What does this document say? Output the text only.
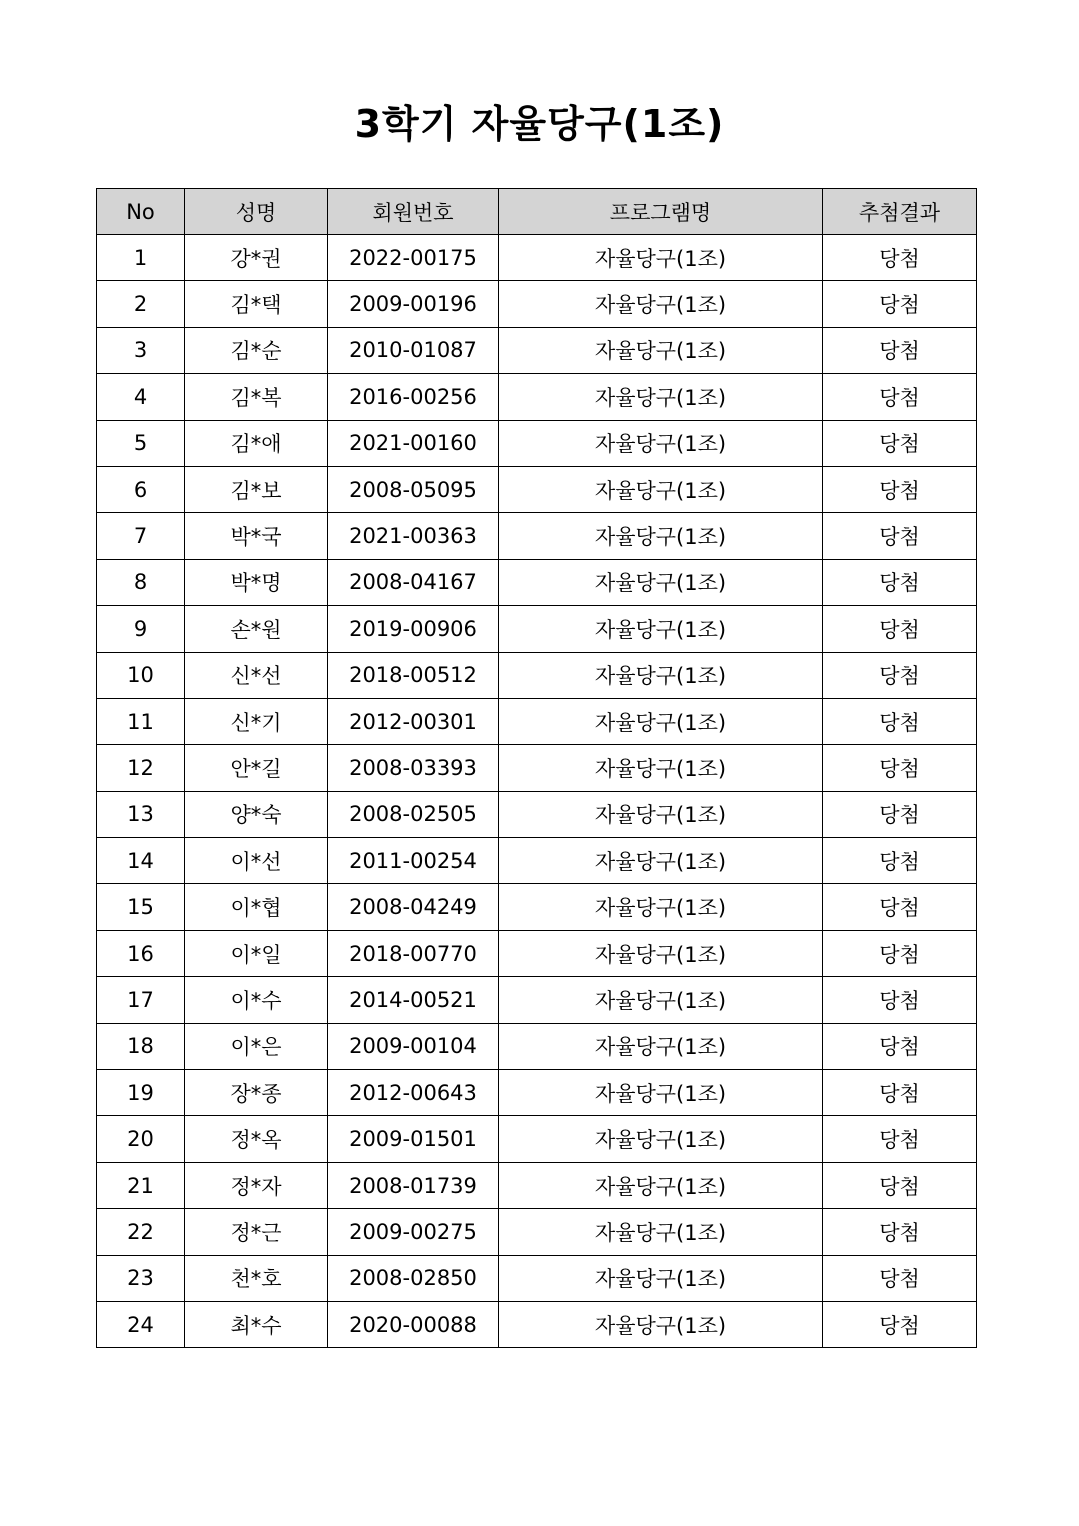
3학기 자율당구(1조)
No	성명	회원번호	프로그램명	추첨결과
1	강*권	2022-00175	자율당구(1조)	당첨
2	김*택	2009-00196	자율당구(1조)	당첨
3	김*순	2010-01087	자율당구(1조)	당첨
4	김*복	2016-00256	자율당구(1조)	당첨
5	김*애	2021-00160	자율당구(1조)	당첨
6	김*보	2008-05095	자율당구(1조)	당첨
7	박*국	2021-00363	자율당구(1조)	당첨
8	박*명	2008-04167	자율당구(1조)	당첨
9	손*원	2019-00906	자율당구(1조)	당첨
10	신*선	2018-00512	자율당구(1조)	당첨
11	신*기	2012-00301	자율당구(1조)	당첨
12	안*길	2008-03393	자율당구(1조)	당첨
13	양*숙	2008-02505	자율당구(1조)	당첨
14	이*선	2011-00254	자율당구(1조)	당첨
15	이*협	2008-04249	자율당구(1조)	당첨
16	이*일	2018-00770	자율당구(1조)	당첨
17	이*수	2014-00521	자율당구(1조)	당첨
18	이*은	2009-00104	자율당구(1조)	당첨
19	장*종	2012-00643	자율당구(1조)	당첨
20	정*옥	2009-01501	자율당구(1조)	당첨
21	정*자	2008-01739	자율당구(1조)	당첨
22	정*근	2009-00275	자율당구(1조)	당첨
23	천*호	2008-02850	자율당구(1조)	당첨
24	최*수	2020-00088	자율당구(1조)	당첨
